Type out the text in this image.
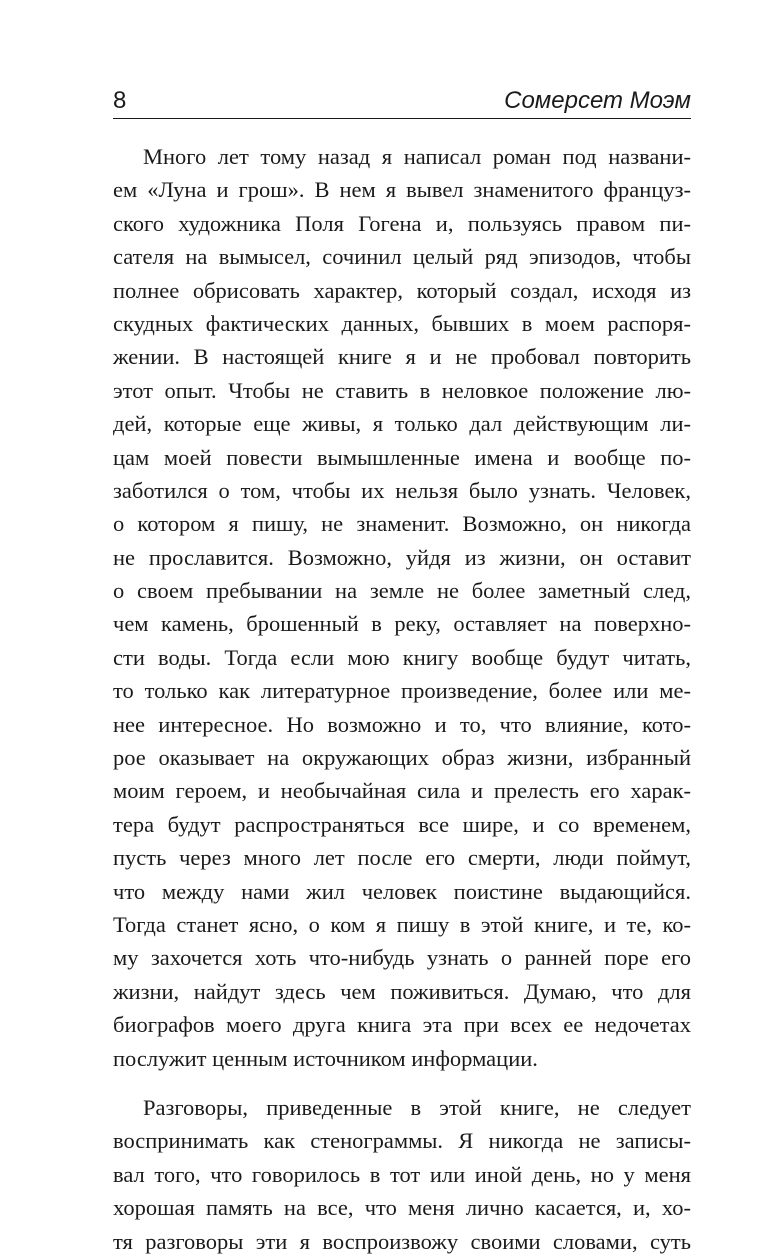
8	Сомерсет Моэм
Много лет тому назад я написал роман под названи-
ем «Луна и грош». В нем я вывел знаменитого француз-
ского художника Поля Гогена и, пользуясь правом пи-
сателя на вымысел, сочинил целый ряд эпизодов, чтобы
полнее обрисовать характер, который создал, исходя из
скудных фактических данных, бывших в моем распоря-
жении. В настоящей книге я и не пробовал повторить
этот опыт. Чтобы не ставить в неловкое положение лю-
дей, которые еще живы, я только дал действующим ли-
цам моей повести вымышленные имена и вообще по-
заботился о том, чтобы их нельзя было узнать. Человек,
о котором я пишу, не знаменит. Возможно, он никогда
не прославится. Возможно, уйдя из жизни, он оставит
о своем пребывании на земле не более заметный след,
чем камень, брошенный в реку, оставляет на поверхно-
сти воды. Тогда если мою книгу вообще будут читать,
то только как литературное произведение, более или ме-
нее интересное. Но возможно и то, что влияние, кото-
рое оказывает на окружающих образ жизни, избранный
моим героем, и необычайная сила и прелесть его харак-
тера будут распространяться все шире, и со временем,
пусть через много лет после его смерти, люди поймут,
что между нами жил человек поистине выдающийся.
Тогда станет ясно, о ком я пишу в этой книге, и те, ко-
му захочется хоть что-нибудь узнать о ранней поре его
жизни, найдут здесь чем поживиться. Думаю, что для
биографов моего друга книга эта при всех ее недочетах
послужит ценным источником информации.
Разговоры, приведенные в этой книге, не следует
воспринимать как стенограммы. Я никогда не записы-
вал того, что говорилось в тот или иной день, но у меня
хорошая память на все, что меня лично касается, и, хо-
тя разговоры эти я воспроизвожу своими словами, суть
